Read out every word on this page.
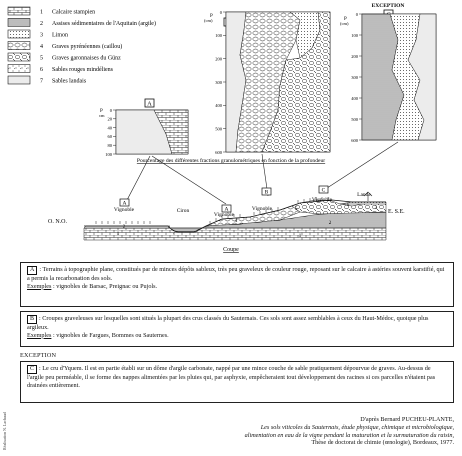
1 Calcaire stampien
2 Assises sédimentaires de l'Aquitain (argile)
3 Limon
4 Graves pyrénéennes (caillou)
5 Graves garonnaises du Günz
6 Sables rouges mindéliens
7 Sables landais
P
(cm)
0
100
200
300
400
500
600
EXCEPTION
P
(cm)
0
100
200
300
400
500
600
A
P
cm
0
20
40
60
80
100
Pourcentage des différentes fractions granulométriques en fonction de la profondeur
O. N.O.
E. S.E.
Vignoble	Ciron
Vignoble
Vignoble
Vignoble
Lande
A
A
B	C
1
2
7
4
5
6
3
1
2
Coupe
Réalisation N. Lachaud

A : Terrains à topographie plane, constitués par de minces dépôts sableux, très peu graveleux de couleur rouge, reposant sur le calcaire à astéries souvent karstifié, qui a permis la recarbonation des sols.

Exemples : vignobles de Barsac, Preignac ou Pujols.

B : Croupes graveleuses sur lesquelles sont situés la plupart des crus classés du Sauternais. Ces sols sont assez semblables à ceux du Haut-Médoc, quoique plus argileux.

Exemples : vignobles de Fargues, Bommes ou Sauternes.

EXCEPTION

C : Le cru d'Yquem. Il est en partie établi sur un dôme d'argile carbonate, nappé par une mince couche de sable pratiquement dépourvue de graves. Au-dessus de l'argile peu perméable, il se forme des nappes alimentées par les pluies qui, par asphyxie, empêcheraient tout développement des racines si ces parcelles n'étaient pas drainées entièrement.

D'après Bernard PUCHEU-PLANTE,
Les sols viticoles du Sauternais, étude physique, chimique et microbiologique,
alimentation en eau de la vigne pendant la maturation et la surmaturation du raisin,
Thèse de doctorat de chimie (œnologie), Bordeaux, 1977.
